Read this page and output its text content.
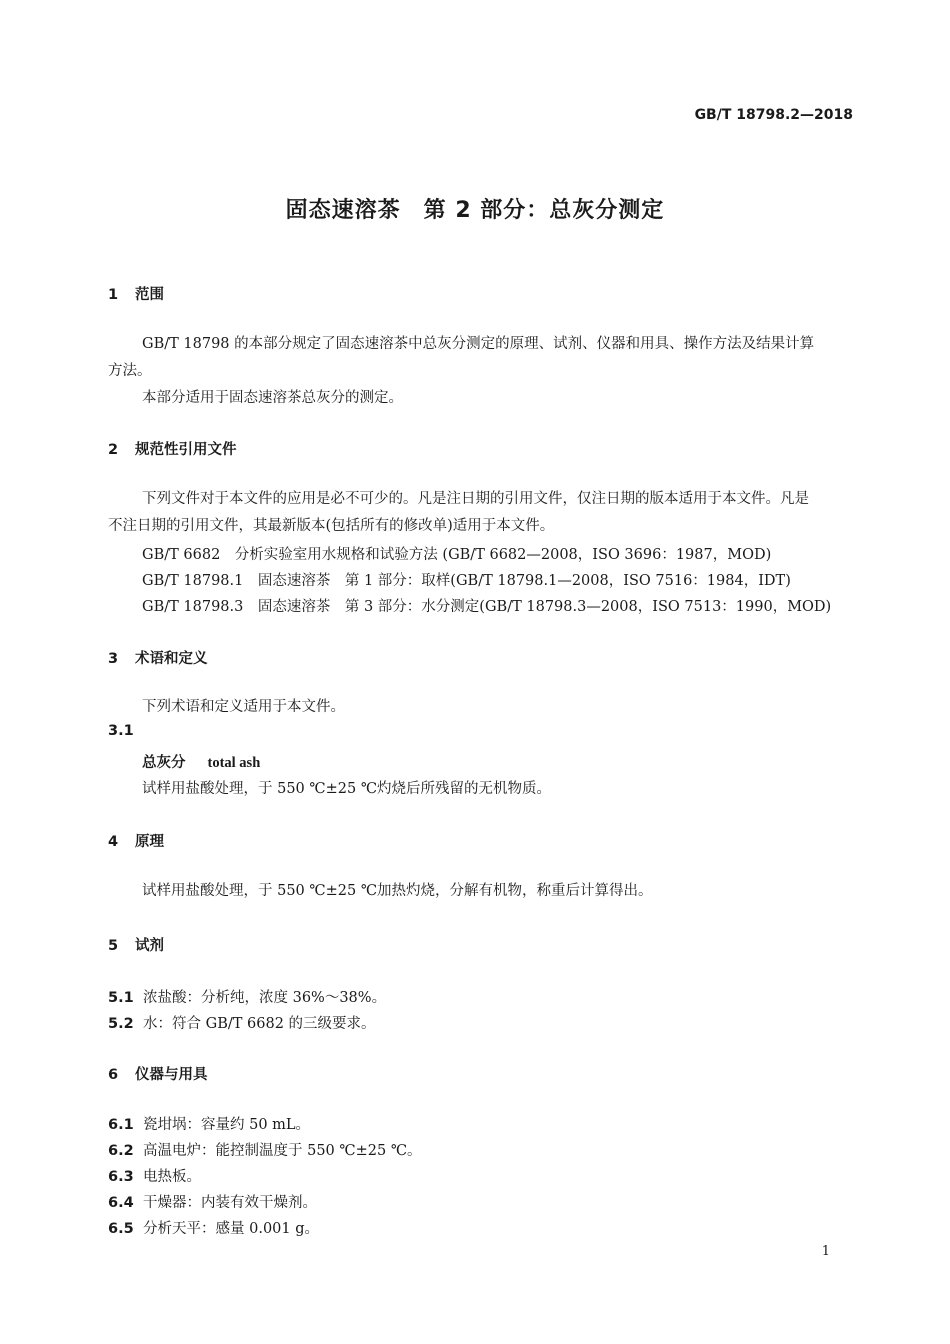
GB/T 18798.2—2018
固态速溶茶　第 2 部分：总灰分测定
1 范围
GB/T 18798 的本部分规定了固态速溶茶中总灰分测定的原理、试剂、仪器和用具、操作方法及结果计算方法。
本部分适用于固态速溶茶总灰分的测定。
2 规范性引用文件
下列文件对于本文件的应用是必不可少的。凡是注日期的引用文件，仅注日期的版本适用于本文件。凡是不注日期的引用文件，其最新版本(包括所有的修改单)适用于本文件。
GB/T 6682　分析实验室用水规格和试验方法 (GB/T 6682—2008，ISO 3696：1987，MOD)
GB/T 18798.1　固态速溶茶　第 1 部分：取样(GB/T 18798.1—2008，ISO 7516：1984，IDT)
GB/T 18798.3　固态速溶茶　第 3 部分：水分测定(GB/T 18798.3—2008，ISO 7513：1990，MOD)
3 术语和定义
下列术语和定义适用于本文件。
3.1
总灰分 total ash
试样用盐酸处理，于 550 ℃±25 ℃灼烧后所残留的无机物质。
4 原理
试样用盐酸处理，于 550 ℃±25 ℃加热灼烧，分解有机物，称重后计算得出。
5 试剂
5.1 浓盐酸：分析纯，浓度 36%～38%。
5.2 水：符合 GB/T 6682 的三级要求。
6 仪器与用具
6.1 瓷坩埚：容量约 50 mL。
6.2 高温电炉：能控制温度于 550 ℃±25 ℃。
6.3 电热板。
6.4 干燥器：内装有效干燥剂。
6.5 分析天平：感量 0.001 g。
1
